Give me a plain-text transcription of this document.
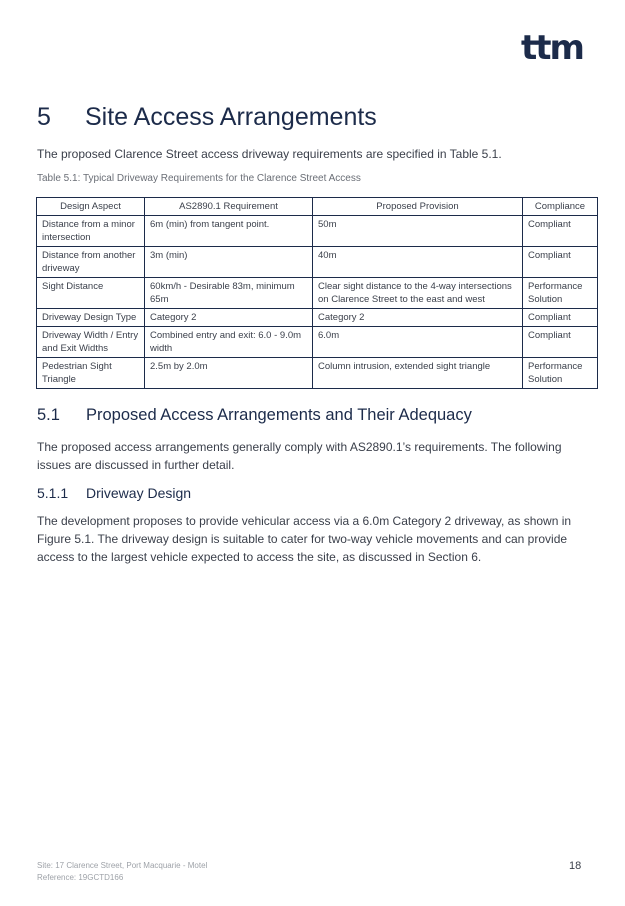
ttm
5 Site Access Arrangements
The proposed Clarence Street access driveway requirements are specified in Table 5.1.
Table 5.1: Typical Driveway Requirements for the Clarence Street Access
Design Aspect	AS2890.1 Requirement	Proposed Provision	Compliance
Distance from a minor intersection	6m (min) from tangent point.	50m	Compliant
Distance from another driveway	3m (min)	40m	Compliant
Sight Distance	60km/h - Desirable 83m, minimum 65m	Clear sight distance to the 4-way intersections on Clarence Street to the east and west	Performance Solution
Driveway Design Type	Category 2	Category 2	Compliant
Driveway Width / Entry and Exit Widths	Combined entry and exit: 6.0 - 9.0m width	6.0m	Compliant
Pedestrian Sight Triangle	2.5m by 2.0m	Column intrusion, extended sight triangle	Performance Solution
5.1 Proposed Access Arrangements and Their Adequacy
The proposed access arrangements generally comply with AS2890.1’s requirements. The following issues are discussed in further detail.
5.1.1 Driveway Design
The development proposes to provide vehicular access via a 6.0m Category 2 driveway, as shown in Figure 5.1. The driveway design is suitable to cater for two-way vehicle movements and can provide access to the largest vehicle expected to access the site, as discussed in Section 6.
Site: 17 Clarence Street, Port Macquarie - Motel
Reference: 19GCTD166
18
